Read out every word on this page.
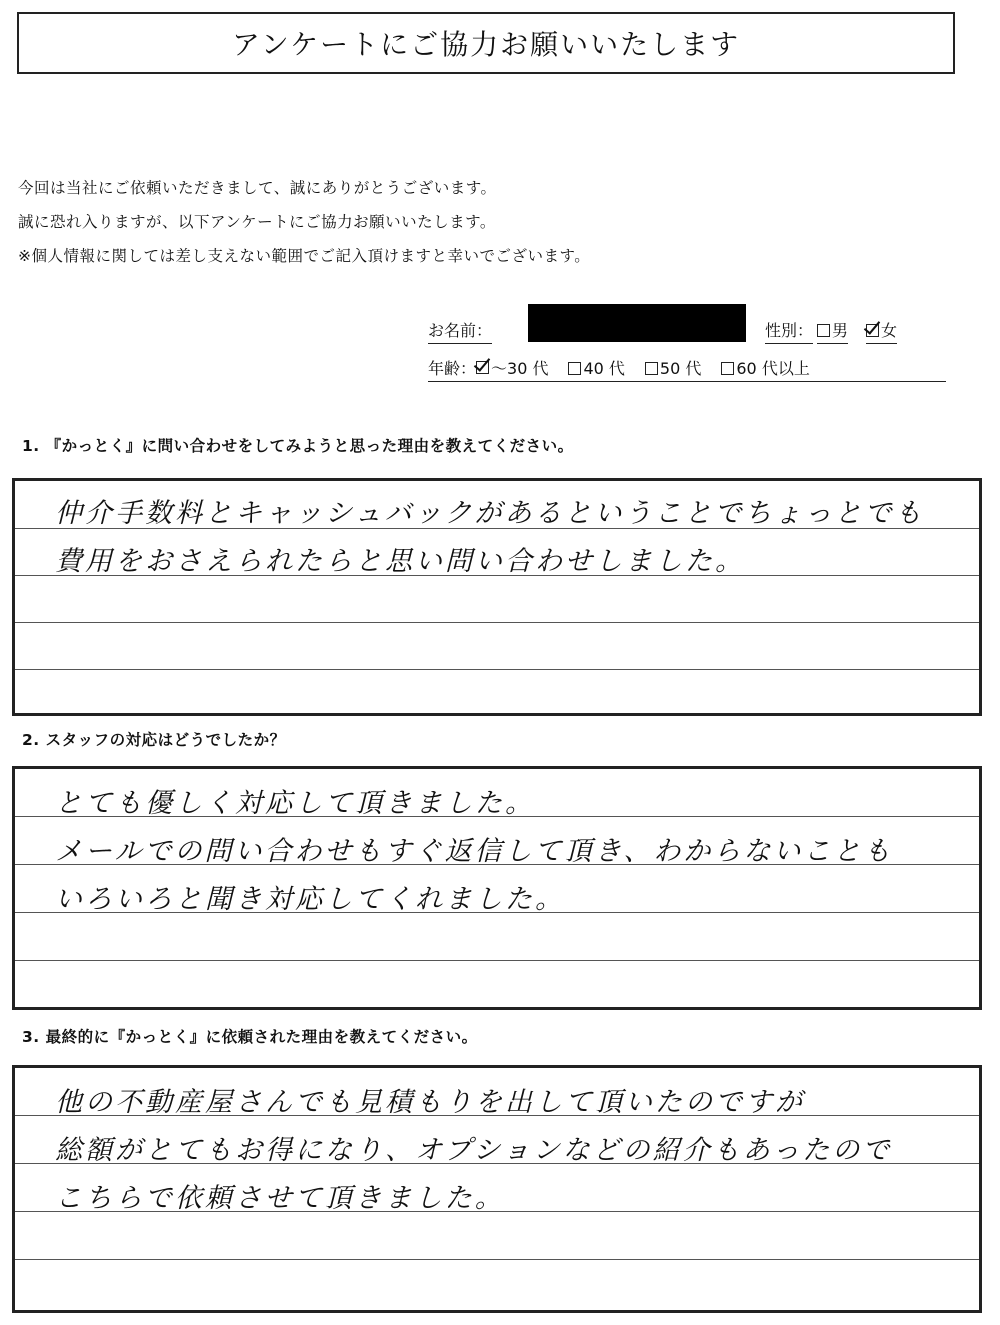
アンケートにご協力お願いいたします
今回は当社にご依頼いただきまして、誠にありがとうございます。
誠に恐れ入りますが、以下アンケートにご協力お願いいたします。
※個人情報に関しては差し支えない範囲でご記入頂けますと幸いでございます。
お名前：	性別：	男	女
年齢： 〜30 代	40 代	50 代	60 代以上
1. 『かっとく』に問い合わせをしてみようと思った理由を教えてください。
仲介手数料とキャッシュバックがあるということでちょっとでも
費用をおさえられたらと思い問い合わせしました。
2. スタッフの対応はどうでしたか？
とても優しく対応して頂きました。
メールでの問い合わせもすぐ返信して頂き、わからないことも
いろいろと聞き対応してくれました。
3. 最終的に『かっとく』に依頼された理由を教えてください。
他の不動産屋さんでも見積もりを出して頂いたのですが
総額がとてもお得になり、オプションなどの紹介もあったので
こちらで依頼させて頂きました。
